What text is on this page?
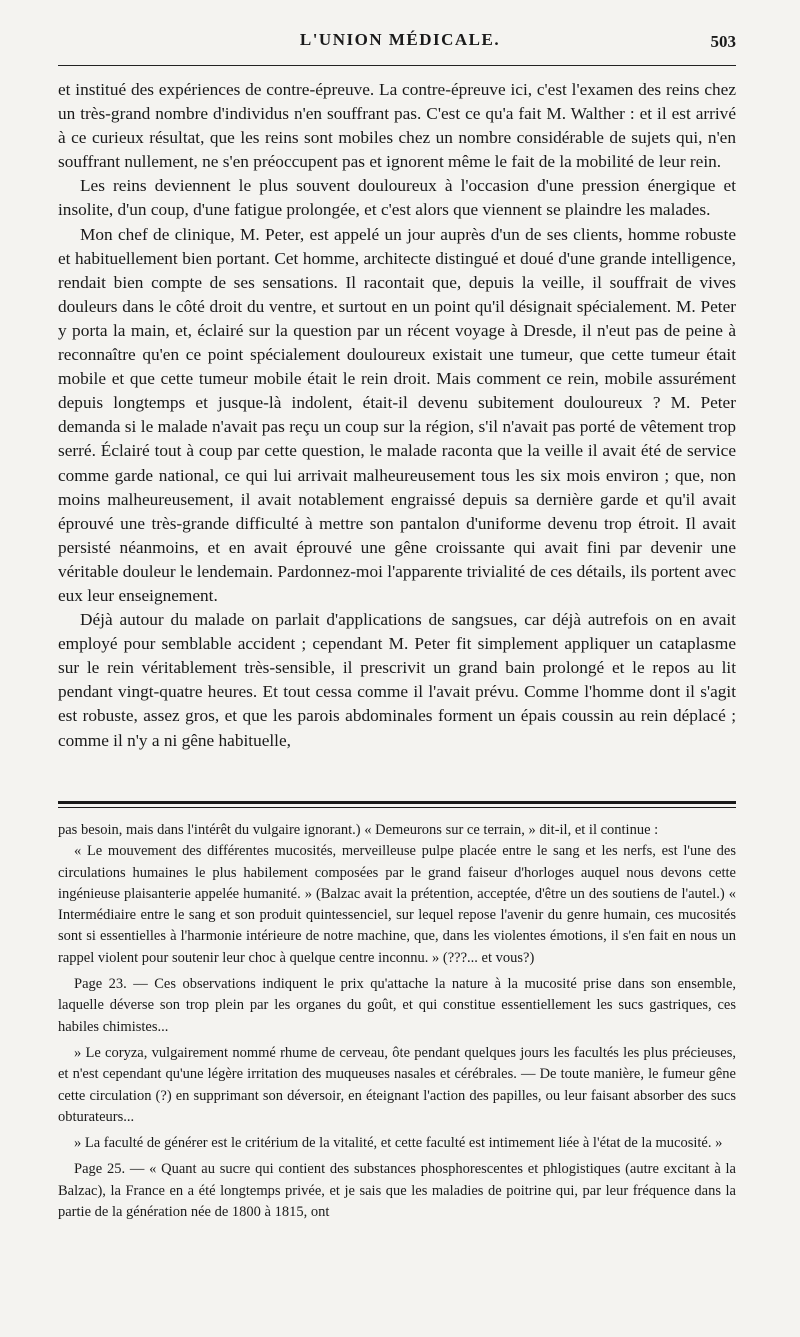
L'UNION MÉDICALE.	503

et institué des expériences de contre-épreuve. La contre-épreuve ici, c'est l'examen des reins chez un très-grand nombre d'individus n'en souffrant pas. C'est ce qu'a fait M. Walther : et il est arrivé à ce curieux résultat, que les reins sont mobiles chez un nombre considérable de sujets qui, n'en souffrant nullement, ne s'en préoccupent pas et ignorent même le fait de la mobilité de leur rein.

Les reins deviennent le plus souvent douloureux à l'occasion d'une pression énergique et insolite, d'un coup, d'une fatigue prolongée, et c'est alors que viennent se plaindre les malades.

Mon chef de clinique, M. Peter, est appelé un jour auprès d'un de ses clients, homme robuste et habituellement bien portant. Cet homme, architecte distingué et doué d'une grande intelligence, rendait bien compte de ses sensations. Il racontait que, depuis la veille, il souffrait de vives douleurs dans le côté droit du ventre, et surtout en un point qu'il désignait spécialement. M. Peter y porta la main, et, éclairé sur la question par un récent voyage à Dresde, il n'eut pas de peine à reconnaître qu'en ce point spécialement douloureux existait une tumeur, que cette tumeur était mobile et que cette tumeur mobile était le rein droit. Mais comment ce rein, mobile assurément depuis longtemps et jusque-là indolent, était-il devenu subitement douloureux ? M. Peter demanda si le malade n'avait pas reçu un coup sur la région, s'il n'avait pas porté de vêtement trop serré. Éclairé tout à coup par cette question, le malade raconta que la veille il avait été de service comme garde national, ce qui lui arrivait malheureusement tous les six mois environ ; que, non moins malheureusement, il avait notablement engraissé depuis sa dernière garde et qu'il avait éprouvé une très-grande difficulté à mettre son pantalon d'uniforme devenu trop étroit. Il avait persisté néanmoins, et en avait éprouvé une gêne croissante qui avait fini par devenir une véritable douleur le lendemain. Pardonnez-moi l'apparente trivialité de ces détails, ils portent avec eux leur enseignement.

Déjà autour du malade on parlait d'applications de sangsues, car déjà autrefois on en avait employé pour semblable accident ; cependant M. Peter fit simplement appliquer un cataplasme sur le rein véritablement très-sensible, il prescrivit un grand bain prolongé et le repos au lit pendant vingt-quatre heures. Et tout cessa comme il l'avait prévu. Comme l'homme dont il s'agit est robuste, assez gros, et que les parois abdominales forment un épais coussin au rein déplacé ; comme il n'y a ni gêne habituelle,

pas besoin, mais dans l'intérêt du vulgaire ignorant.) « Demeurons sur ce terrain, » dit-il, et il continue :

« Le mouvement des différentes mucosités, merveilleuse pulpe placée entre le sang et les nerfs, est l'une des circulations humaines le plus habilement composées par le grand faiseur d'horloges auquel nous devons cette ingénieuse plaisanterie appelée humanité. » (Balzac avait la prétention, acceptée, d'être un des soutiens de l'autel.) « Intermédiaire entre le sang et son produit quintessenciel, sur lequel repose l'avenir du genre humain, ces mucosités sont si essentielles à l'harmonie intérieure de notre machine, que, dans les violentes émotions, il s'en fait en nous un rappel violent pour soutenir leur choc à quelque centre inconnu. » (???... et vous?)

Page 23. — Ces observations indiquent le prix qu'attache la nature à la mucosité prise dans son ensemble, laquelle déverse son trop plein par les organes du goût, et qui constitue essentiellement les sucs gastriques, ces habiles chimistes...

» Le coryza, vulgairement nommé rhume de cerveau, ôte pendant quelques jours les facultés les plus précieuses, et n'est cependant qu'une légère irritation des muqueuses nasales et cérébrales. — De toute manière, le fumeur gêne cette circulation (?) en supprimant son déversoir, en éteignant l'action des papilles, ou leur faisant absorber des sucs obturateurs...

» La faculté de générer est le critérium de la vitalité, et cette faculté est intimement liée à l'état de la mucosité. »

Page 25. — « Quant au sucre qui contient des substances phosphorescentes et phlogistiques (autre excitant à la Balzac), la France en a été longtemps privée, et je sais que les maladies de poitrine qui, par leur fréquence dans la partie de la génération née de 1800 à 1815, ont
